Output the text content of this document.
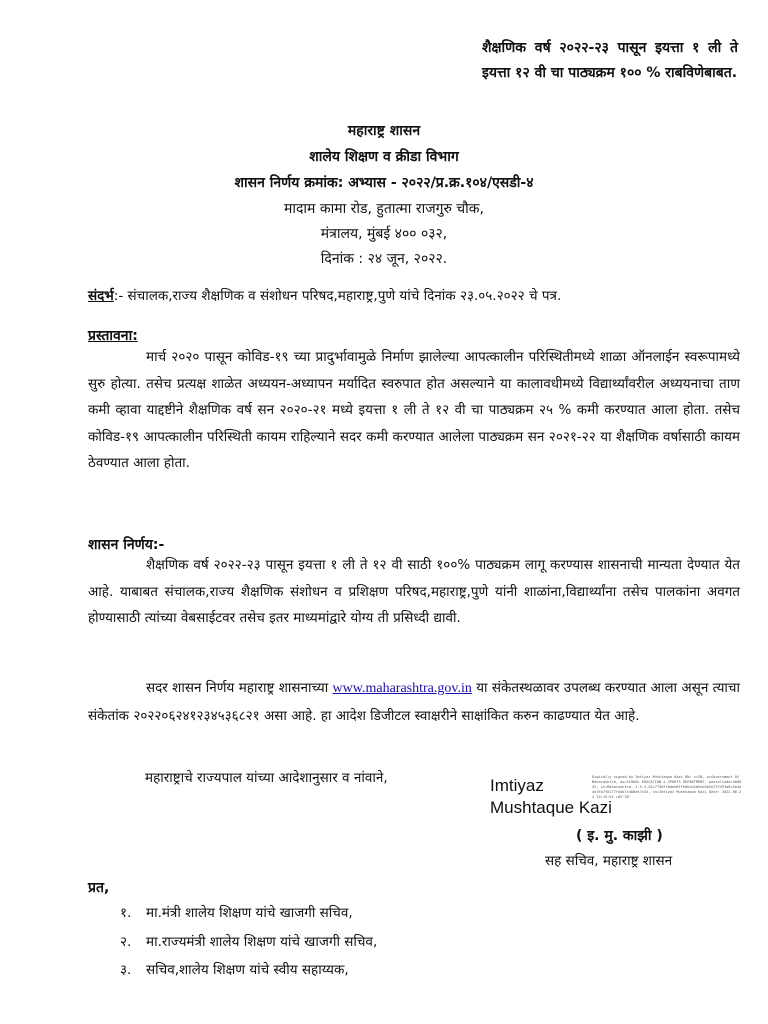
शैक्षणिक वर्ष २०२२-२३ पासून इयत्ता १ ली ते इयत्ता १२ वी चा पाठ्यक्रम १०० % राबविणेबाबत.
महाराष्ट्र शासन
शालेय शिक्षण व क्रीडा विभाग
शासन निर्णय क्रमांक: अभ्यास - २०२२/प्र.क्र.१०४/एसडी-४
मादाम कामा रोड, हुतात्मा राजगुरु चौक,
मंत्रालय, मुंबई ४०० ०३२,
दिनांक : २४ जून, २०२२.
संदर्भ:- संचालक,राज्य शैक्षणिक व संशोधन परिषद,महाराष्ट्र,पुणे यांचे दिनांक २३.०५.२०२२ चे पत्र.
प्रस्तावना:
मार्च २०२० पासून कोविड-१९ च्या प्रादुर्भावामुळे निर्माण झालेल्या आपत्कालीन परिस्थितीमध्ये शाळा ऑनलाईन स्वरूपामध्ये सुरु होत्या. तसेच प्रत्यक्ष शाळेत अध्ययन-अध्यापन मर्यादित स्वरुपात होत असल्याने या कालावधीमध्ये विद्यार्थ्यांवरील अध्ययनाचा ताण कमी व्हावा याद्दष्टीने शैक्षणिक वर्ष सन २०२०-२१ मध्ये इयत्ता १ ली ते १२ वी चा पाठ्यक्रम २५ % कमी करण्यात आला होता. तसेच कोविड-१९ आपत्कालीन परिस्थिती कायम राहिल्याने सदर कमी करण्यात आलेला पाठ्यक्रम सन २०२१-२२ या शैक्षणिक वर्षासाठी कायम ठेवण्यात आला होता.
शासन निर्णय:-
शैक्षणिक वर्ष २०२२-२३ पासून इयत्ता १ ली ते १२ वी साठी १००% पाठ्यक्रम लागू करण्यास शासनाची मान्यता देण्यात येत आहे. याबाबत संचालक,राज्य शैक्षणिक संशोधन व प्रशिक्षण परिषद,महाराष्ट्र,पुणे यांनी शाळांना,विद्यार्थ्यांना तसेच पालकांना अवगत होण्यासाठी त्यांच्या वेबसाईटवर तसेच इतर माध्यमांद्वारे योग्य ती प्रसिध्दी द्यावी.
सदर शासन निर्णय महाराष्ट्र शासनाच्या www.maharashtra.gov.in या संकेतस्थळावर उपलब्ध करण्यात आला असून त्याचा संकेतांक २०२२०६२४१२३४५३६८२१ असा आहे. हा आदेश डिजीटल स्वाक्षरीने साक्षांकित करुन काढण्यात येत आहे.
महाराष्ट्राचे राज्यपाल यांच्या आदेशानुसार व नांवाने,	Imtiyaz
Mushtaque Kazi
Digitally signed by Imtiyaz Mushtaque Kazi DN: c=IN, o=Government Of Maharashtra, ou=SCHOOL EDUCATION & SPORTS DEPARTMENT, postalCode=400032, st=Maharashtra, 2.5.4.20=7750ffbdee8ffe0bcb2b5cb3b5e72f491a8c3a4e4e3fa7f8177fd4b7c4b8e47c54, cn=Imtiyaz Mushtaque Kazi Date: 2022.06.24 15:19:52 +05'30'
( इ. मु. काझी )
सह सचिव, महाराष्ट्र शासन
प्रत,
१. मा.मंत्री शालेय शिक्षण यांचे खाजगी सचिव,
२. मा.राज्यमंत्री शालेय शिक्षण यांचे खाजगी सचिव,
३. सचिव,शालेय शिक्षण यांचे स्वीय सहाय्यक,
